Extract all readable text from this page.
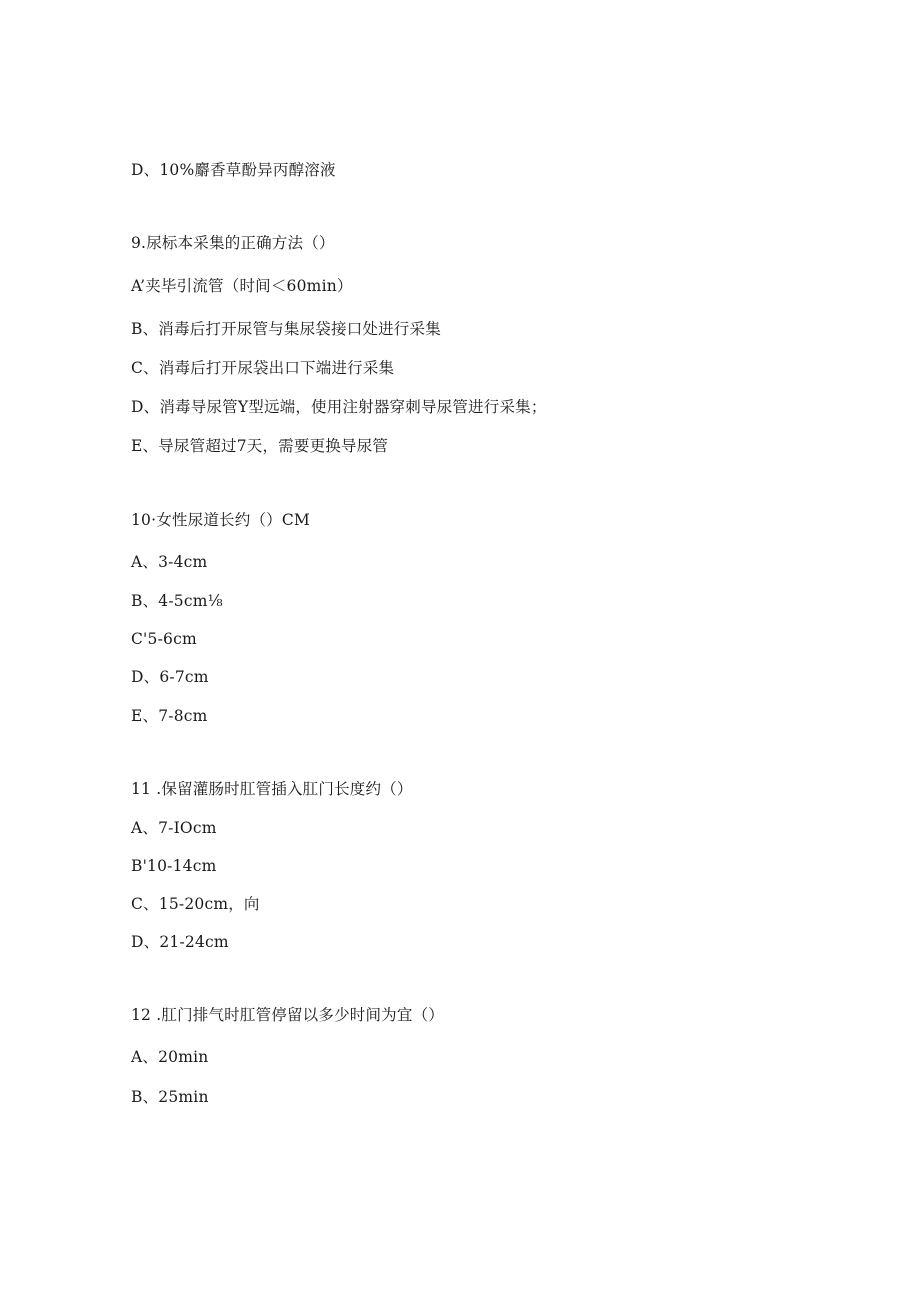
D、10%麝香草酚异丙醇溶液
9.尿标本采集的正确方法（）
A’夹毕引流管（时间＜60min）
B、消毒后打开尿管与集尿袋接口处进行采集
C、消毒后打开尿袋出口下端进行采集
D、消毒导尿管Y型远端，使用注射器穿刺导尿管进行采集；
E、导尿管超过7天，需要更换导尿管
10·女性尿道长约（）CM
A、3-4cm
B、4-5cm⅛
C'5-6cm
D、6-7cm
E、7-8cm
11 .保留灌肠时肛管插入肛门长度约（）
A、7-IOcm
B'10-14cm
C、15-20cm，向
D、21-24cm
12 .肛门排气时肛管停留以多少时间为宜（）
A、20min
B、25min
